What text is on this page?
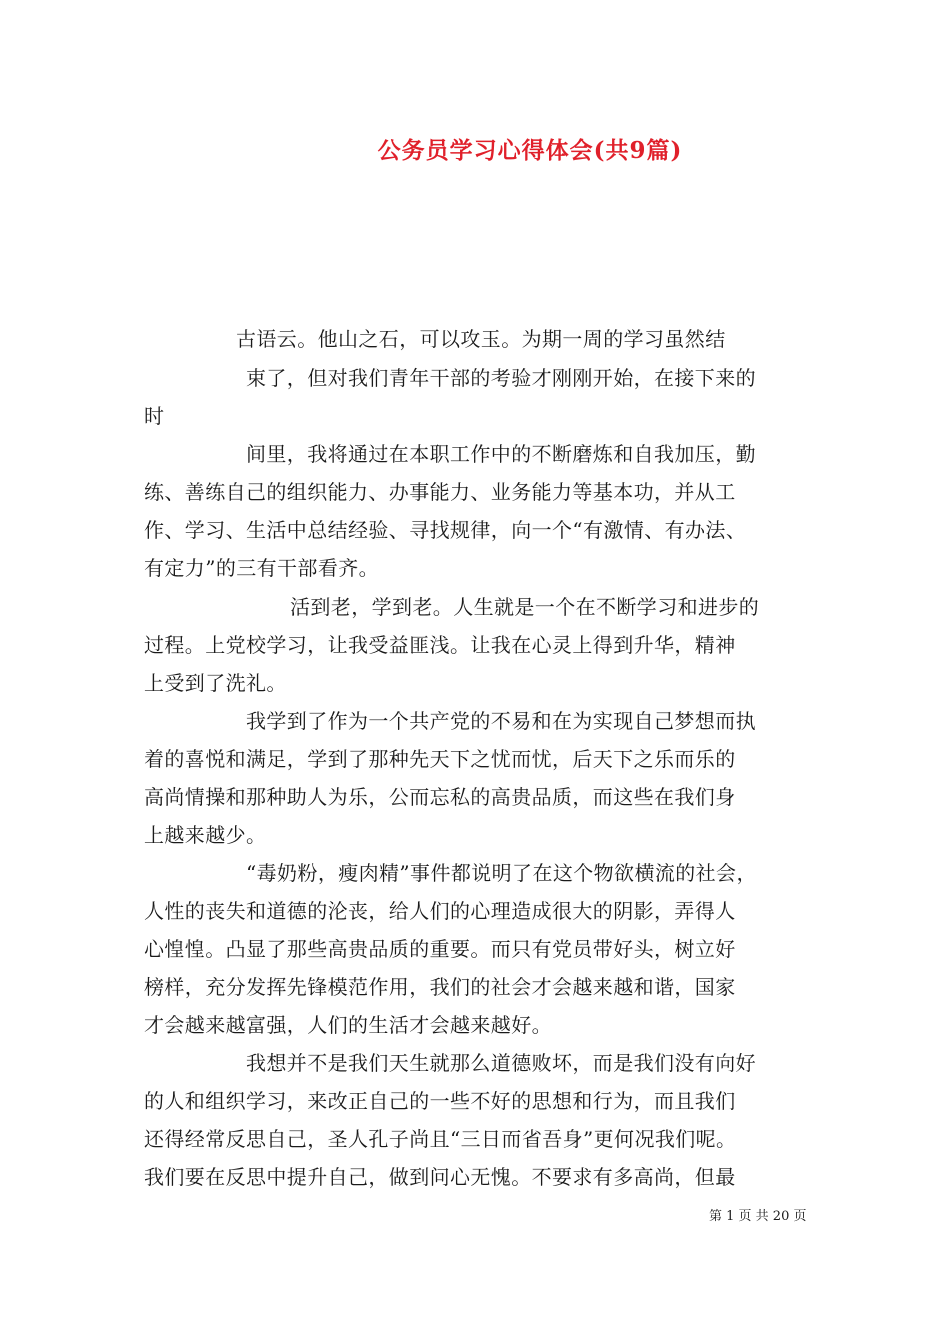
公务员学习心得体会(共9篇)
古语云。他山之石，可以攻玉。为期一周的学习虽然结
束了，但对我们青年干部的考验才刚刚开始，在接下来的
时
间里，我将通过在本职工作中的不断磨炼和自我加压，勤
练、善练自己的组织能力、办事能力、业务能力等基本功，并从工
作、学习、生活中总结经验、寻找规律，向一个“有激情、有办法、
有定力”的三有干部看齐。
活到老，学到老。人生就是一个在不断学习和进步的
过程。上党校学习，让我受益匪浅。让我在心灵上得到升华，精神
上受到了洗礼。
我学到了作为一个共产党的不易和在为实现自己梦想而执
着的喜悦和满足，学到了那种先天下之忧而忧，后天下之乐而乐的
高尚情操和那种助人为乐，公而忘私的高贵品质，而这些在我们身
上越来越少。
“毒奶粉，瘦肉精”事件都说明了在这个物欲横流的社会，
人性的丧失和道德的沦丧，给人们的心理造成很大的阴影，弄得人
心惶惶。凸显了那些高贵品质的重要。而只有党员带好头，树立好
榜样，充分发挥先锋模范作用，我们的社会才会越来越和谐，国家
才会越来越富强，人们的生活才会越来越好。
我想并不是我们天生就那么道德败坏，而是我们没有向好
的人和组织学习，来改正自己的一些不好的思想和行为，而且我们
还得经常反思自己，圣人孔子尚且“三日而省吾身”更何况我们呢。
我们要在反思中提升自己，做到问心无愧。不要求有多高尚，但最
第 1 页 共 20 页
